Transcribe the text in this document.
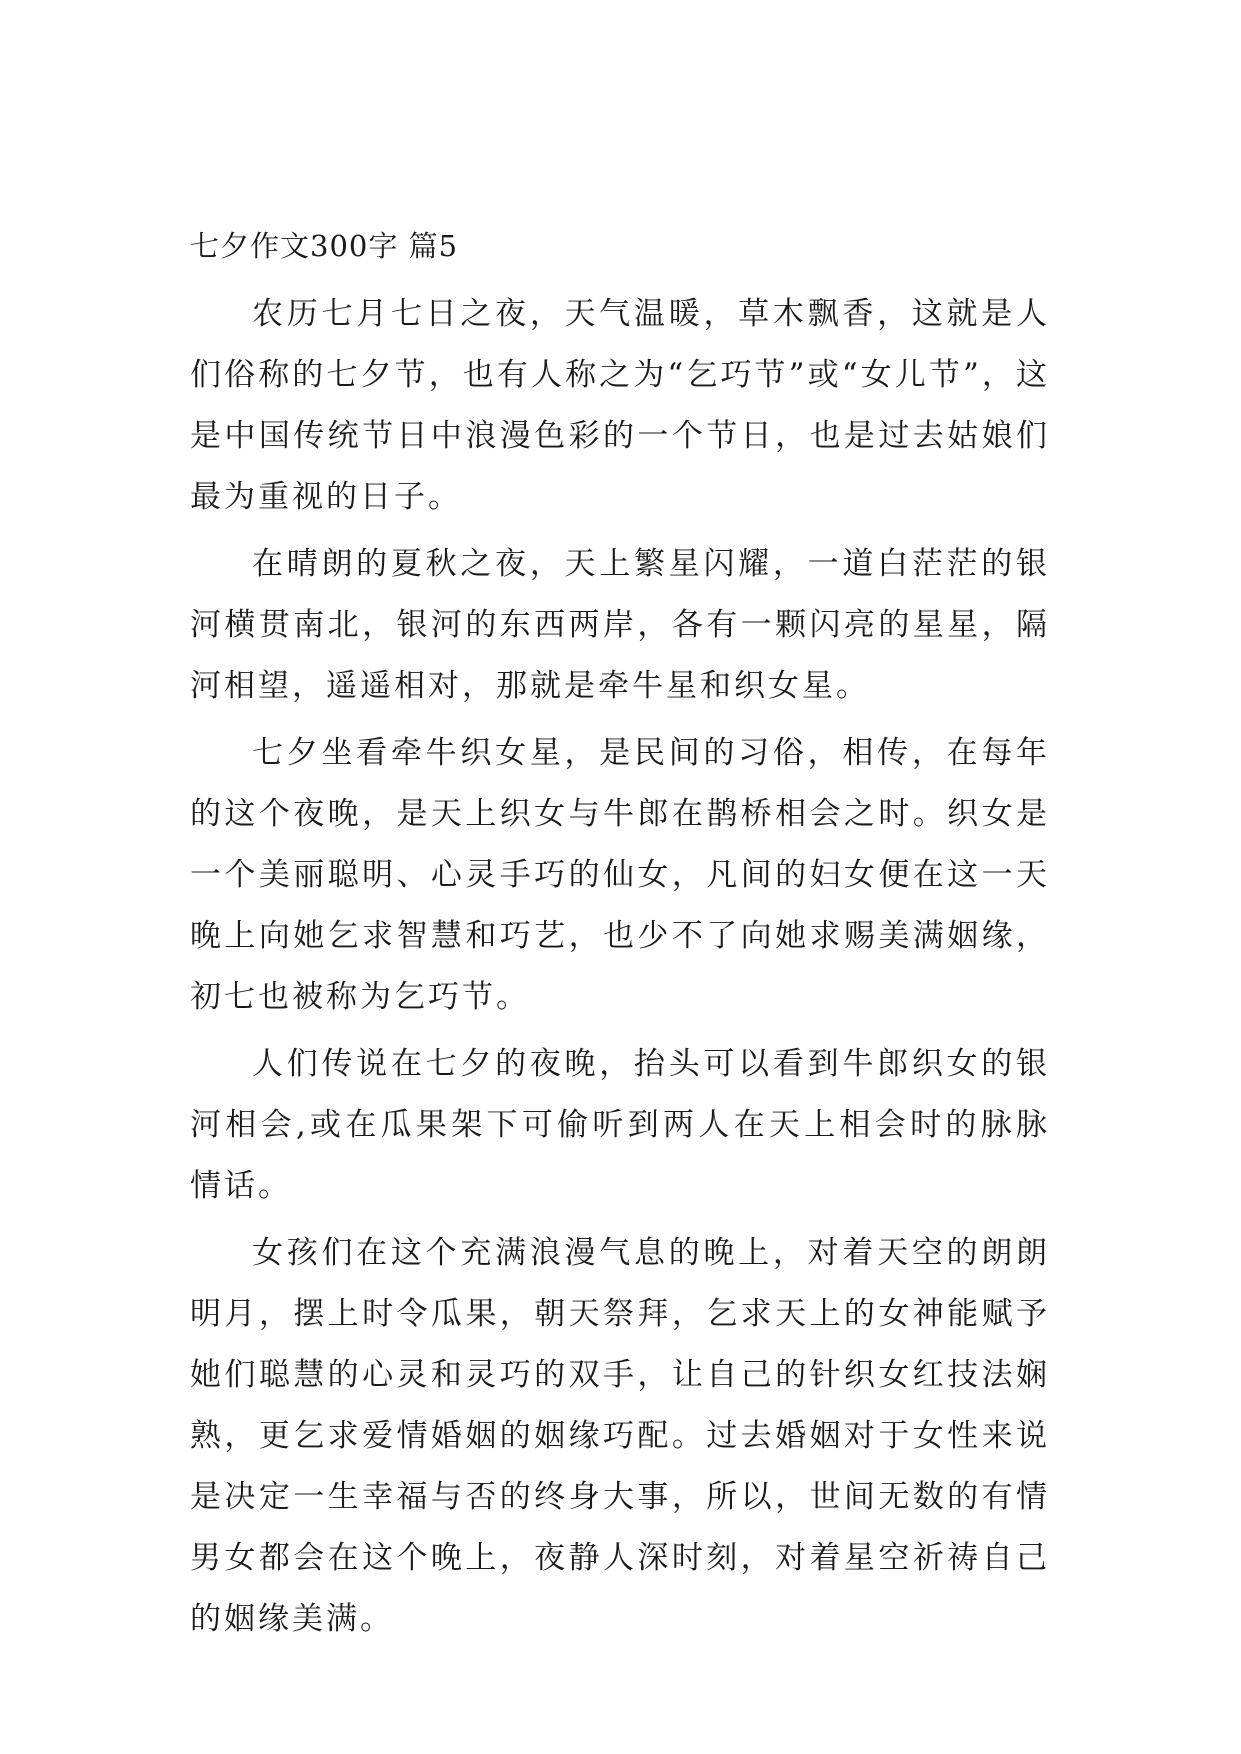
七夕作文300字 篇5

农历七月七日之夜，天气温暖，草木飘香，这就是人们俗称的七夕节，也有人称之为“乞巧节”或“女儿节”，这是中国传统节日中浪漫色彩的一个节日，也是过去姑娘们最为重视的日子。

在晴朗的夏秋之夜，天上繁星闪耀，一道白茫茫的银河横贯南北，银河的东西两岸，各有一颗闪亮的星星，隔河相望，遥遥相对，那就是牵牛星和织女星。

七夕坐看牵牛织女星，是民间的习俗，相传，在每年的这个夜晚，是天上织女与牛郎在鹊桥相会之时。织女是一个美丽聪明、心灵手巧的仙女，凡间的妇女便在这一天晚上向她乞求智慧和巧艺，也少不了向她求赐美满姻缘，初七也被称为乞巧节。

人们传说在七夕的夜晚，抬头可以看到牛郎织女的银河相会,或在瓜果架下可偷听到两人在天上相会时的脉脉情话。

女孩们在这个充满浪漫气息的晚上，对着天空的朗朗明月，摆上时令瓜果，朝天祭拜，乞求天上的女神能赋予她们聪慧的心灵和灵巧的双手，让自己的针织女红技法娴熟，更乞求爱情婚姻的姻缘巧配。过去婚姻对于女性来说是决定一生幸福与否的终身大事，所以，世间无数的有情男女都会在这个晚上，夜静人深时刻，对着星空祈祷自己的姻缘美满。
